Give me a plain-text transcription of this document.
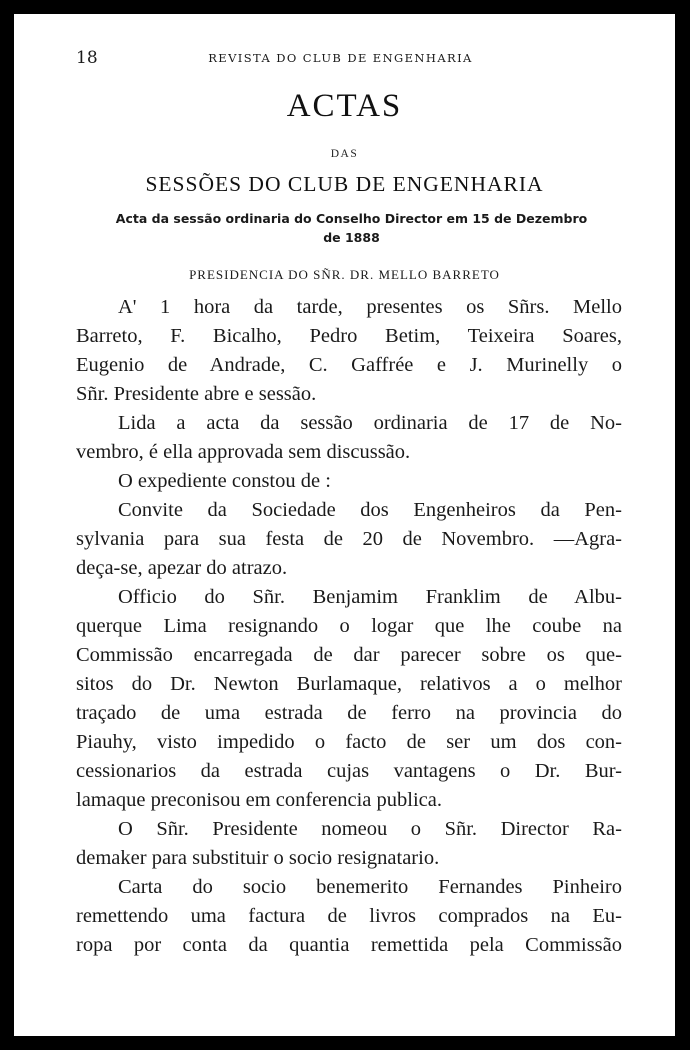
18	REVISTA DO CLUB DE ENGENHARIA
ACTAS
DAS
SESSÕES DO CLUB DE ENGENHARIA
Acta da sessão ordinaria do Conselho Director em 15 de Dezembro
de 1888
PRESIDENCIA DO SÑR. DR. MELLO BARRETO
A' 1 hora da tarde, presentes os Sñrs. Mello
Barreto, F. Bicalho, Pedro Betim, Teixeira Soares,
Eugenio de Andrade, C. Gaffrée e J. Murinelly o
Sñr. Presidente abre e sessão.
Lida a acta da sessão ordinaria de 17 de No-
vembro, é ella approvada sem discussão.
O expediente constou de :
Convite da Sociedade dos Engenheiros da Pen-
sylvania para sua festa de 20 de Novembro. —Agra-
deça-se, apezar do atrazo.
Officio do Sñr. Benjamim Franklim de Albu-
querque Lima resignando o logar que lhe coube na
Commissão encarregada de dar parecer sobre os que-
sitos do Dr. Newton Burlamaque, relativos a o melhor
traçado de uma estrada de ferro na provincia do
Piauhy, visto impedido o facto de ser um dos con-
cessionarios da estrada cujas vantagens o Dr. Bur-
lamaque preconisou em conferencia publica.
O Sñr. Presidente nomeou o Sñr. Director Ra-
demaker para substituir o socio resignatario.
Carta do socio benemerito Fernandes Pinheiro
remettendo uma factura de livros comprados na Eu-
ropa por conta da quantia remettida pela Commissão
